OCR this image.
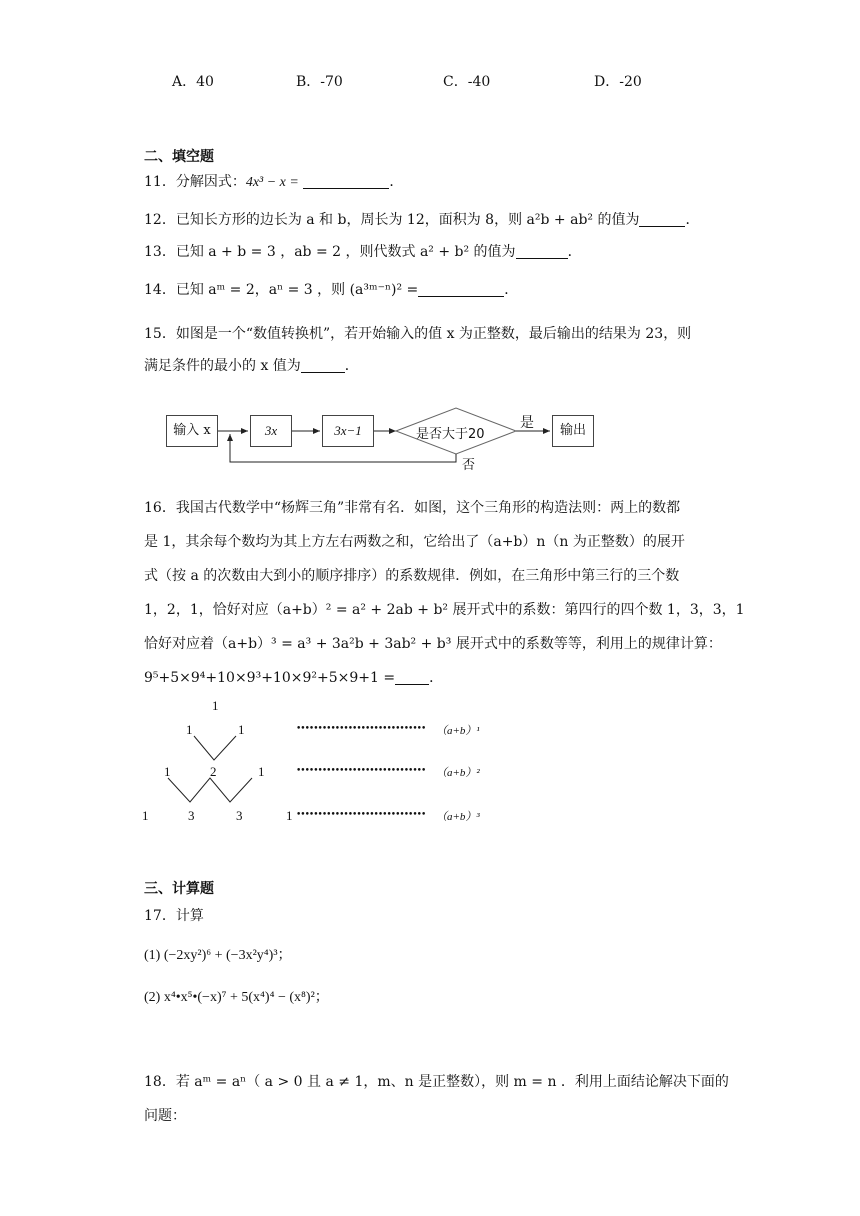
A．40	B．-70	C．-40	D．-20
二、填空题
11．分解因式：4x³ − x =	．
12．已知长方形的边长为 a 和 b，周长为 12，面积为 8，则 a²b + ab² 的值为	．
13．已知 a + b = 3 ，ab = 2 ，则代数式 a² + b² 的值为	．
14．已知 aᵐ = 2，aⁿ = 3 ，则 (a³ᵐ⁻ⁿ)² =	．
15．如图是一个“数值转换机”，若开始输入的值 x 为正整数，最后输出的结果为 23，则
满足条件的最小的 x 值为	．
输入 x	3x	3x−1	是否大于20
是
否
输出
16．我国古代数学中“杨辉三角”非常有名．如图，这个三角形的构造法则：两上的数都
是 1，其余每个数均为其上方左右两数之和，它给出了（a+b）n（n 为正整数）的展开
式（按 a 的次数由大到小的顺序排序）的系数规律．例如，在三角形中第三行的三个数
1，2，1，恰好对应（a+b）² = a² + 2ab + b² 展开式中的系数：第四行的四个数 1，3，3，1
恰好对应着（a+b）³ = a³ + 3a²b + 3ab² + b³ 展开式中的系数等等，利用上的规律计算：
9⁵+5×9⁴+10×9³+10×9²+5×9+1 = ．
1
1	1
1	2	1
1	3	3	1
••••••••••••••••••••••••••••••
••••••••••••••••••••••••••••••
••••••••••••••••••••••••••••••
（a+b）¹
（a+b）²
（a+b）³
三、计算题
17．计算
(1) (−2xy²)⁶ + (−3x²y⁴)³；
(2) x⁴•x⁵•(−x)⁷ + 5(x⁴)⁴ − (x⁸)²；
18．若 aᵐ = aⁿ（ a > 0 且 a ≠ 1，m、n 是正整数），则 m = n ．利用上面结论解决下面的
问题：
